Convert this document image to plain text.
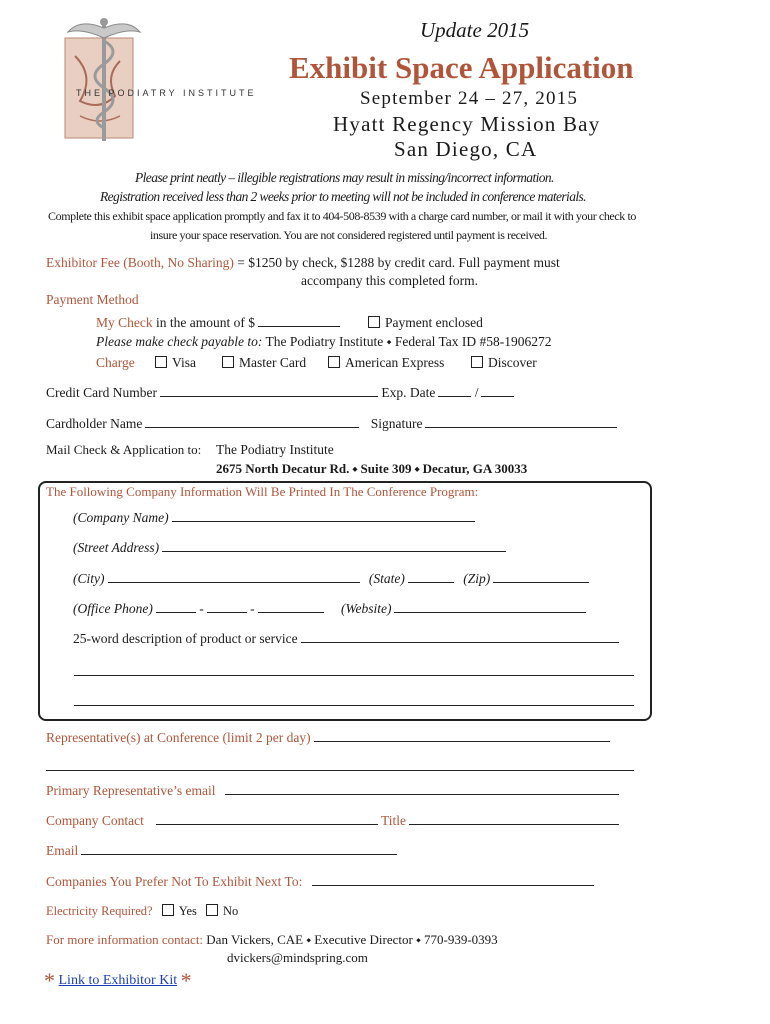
THE PODIATRY INSTITUTE
Update 2015
Exhibit Space Application
September 24 – 27, 2015
Hyatt Regency Mission Bay
San Diego, CA
Please print neatly – illegible registrations may result in missing/incorrect information.
Registration received less than 2 weeks prior to meeting will not be included in conference materials.
Complete this exhibit space application promptly and fax it to 404-508-8539 with a charge card number, or mail it with your check to
insure your space reservation. You are not considered registered until payment is received.
Exhibitor Fee (Booth, No Sharing) = $1250 by check, $1288 by credit card. Full payment must
accompany this completed form.
Payment Method
My Check in the amount of $	Payment enclosed
Please make check payable to: The Podiatry Institute ⬩ Federal Tax ID #58-1906272
Charge	Visa	Master Card	American Express	Discover
Credit Card Number	Exp. Date	/
Cardholder Name	Signature
Mail Check & Application to: The Podiatry Institute
2675 North Decatur Rd. ⬩ Suite 309 ⬩ Decatur, GA 30033
The Following Company Information Will Be Printed In The Conference Program:
(Company Name)
(Street Address)
(City)	(State)	(Zip)
(Office Phone)	-	-	(Website)
25-word description of product or service
Representative(s) at Conference (limit 2 per day)
Primary Representative’s email
Company Contact	Title
Email
Companies You Prefer Not To Exhibit Next To:
Electricity Required? Yes No
For more information contact: Dan Vickers, CAE ⬩ Executive Director ⬩ 770-939-0393
dvickers@mindspring.com
* Link to Exhibitor Kit *
